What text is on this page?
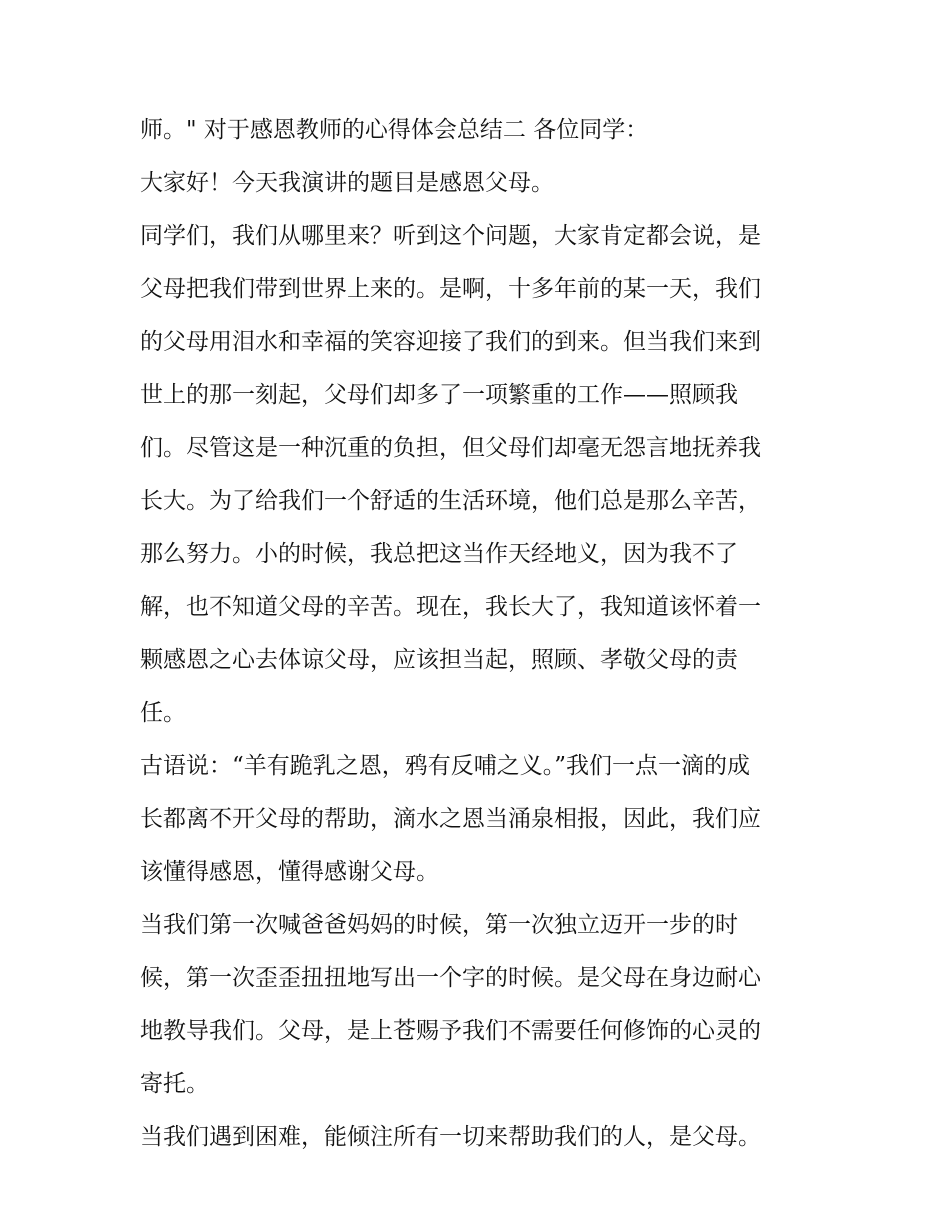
师。" 对于感恩教师的心得体会总结二 各位同学：
大家好！今天我演讲的题目是感恩父母。
同学们，我们从哪里来？听到这个问题，大家肯定都会说，是
父母把我们带到世界上来的。是啊，十多年前的某一天，我们
的父母用泪水和幸福的笑容迎接了我们的到来。但当我们来到
世上的那一刻起，父母们却多了一项繁重的工作——照顾我
们。尽管这是一种沉重的负担，但父母们却毫无怨言地抚养我
长大。为了给我们一个舒适的生活环境，他们总是那么辛苦，
那么努力。小的时候，我总把这当作天经地义，因为我不了
解，也不知道父母的辛苦。现在，我长大了，我知道该怀着一
颗感恩之心去体谅父母，应该担当起，照顾、孝敬父母的责
任。
古语说：“羊有跪乳之恩，鸦有反哺之义。”我们一点一滴的成
长都离不开父母的帮助，滴水之恩当涌泉相报，因此，我们应
该懂得感恩，懂得感谢父母。
当我们第一次喊爸爸妈妈的时候，第一次独立迈开一步的时
候，第一次歪歪扭扭地写出一个字的时候。是父母在身边耐心
地教导我们。父母，是上苍赐予我们不需要任何修饰的心灵的
寄托。
当我们遇到困难，能倾注所有一切来帮助我们的人，是父母。
